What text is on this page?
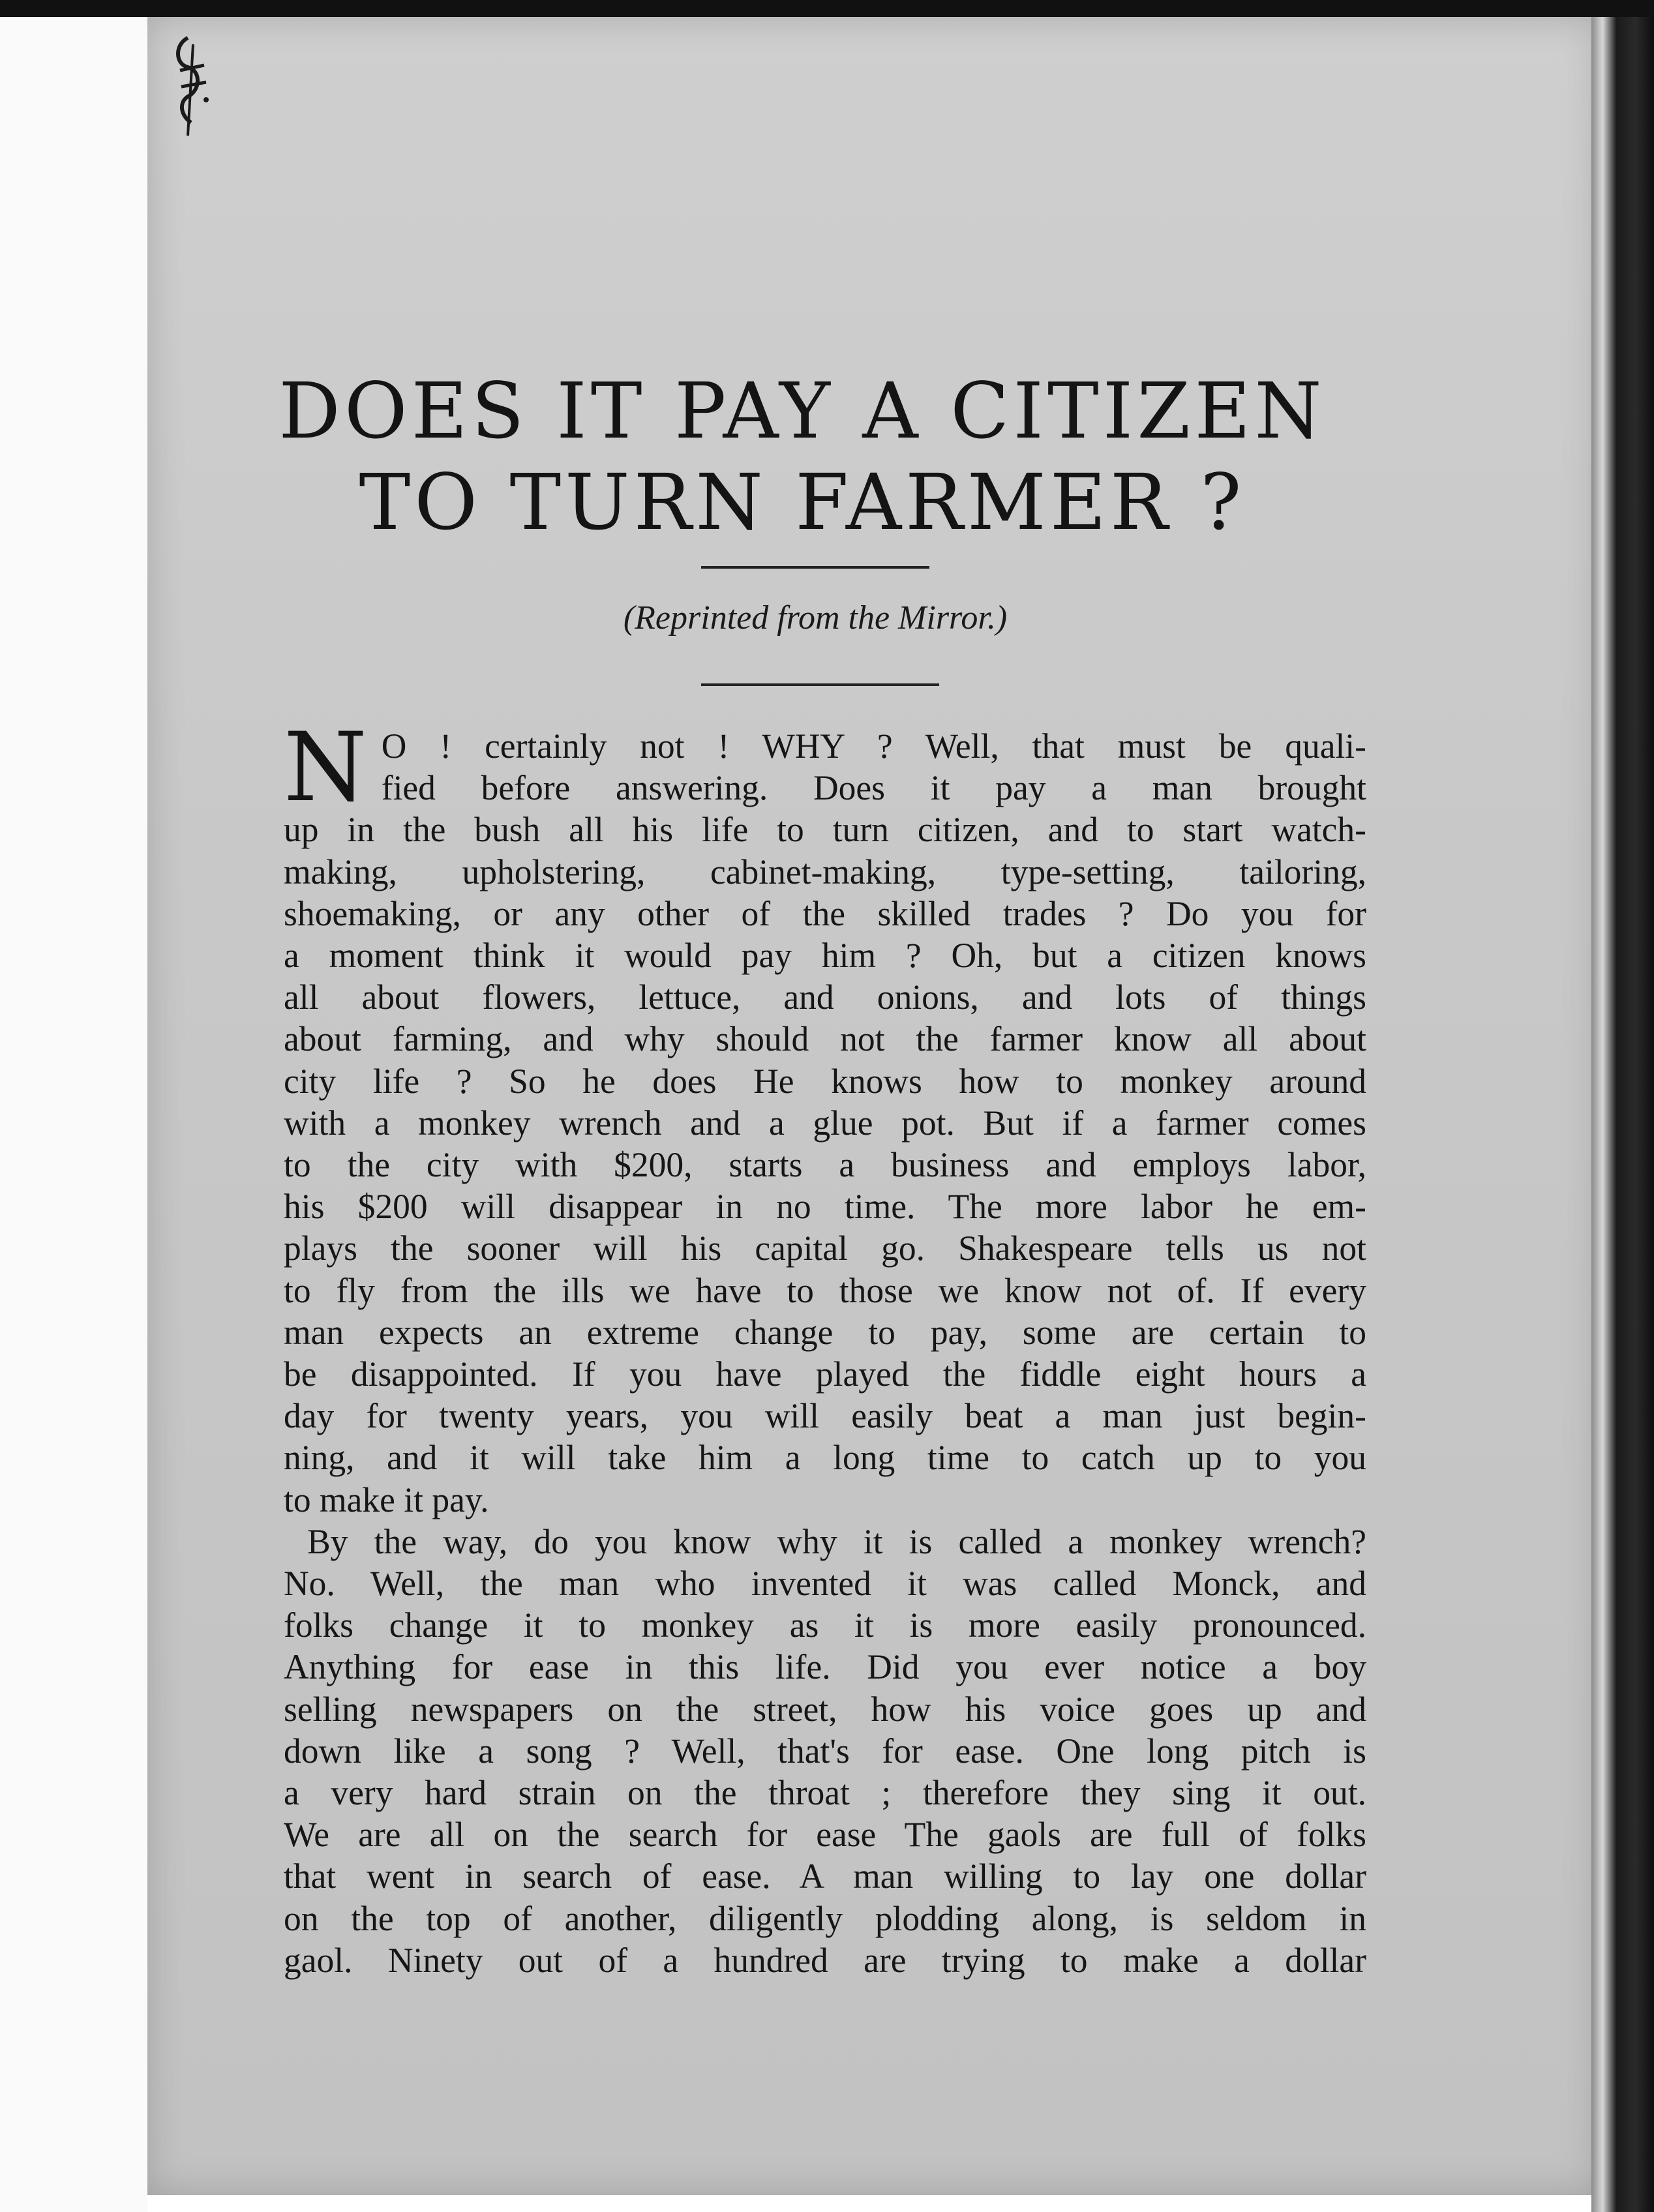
DOES IT PAY A CITIZEN
TO TURN FARMER ?
(Reprinted from the Mirror.)
N O ! certainly not ! WHY ? Well, that must be quali-
fied before answering. Does it pay a man brought
up in the bush all his life to turn citizen, and to start watch-
making, upholstering, cabinet-making, type-setting, tailoring,
shoemaking, or any other of the skilled trades ? Do you for
a moment think it would pay him ? Oh, but a citizen knows
all about flowers, lettuce, and onions, and lots of things
about farming, and why should not the farmer know all about
city life ? So he does He knows how to monkey around
with a monkey wrench and a glue pot. But if a farmer comes
to the city with $200, starts a business and employs labor,
his $200 will disappear in no time. The more labor he em-
plays the sooner will his capital go. Shakespeare tells us not
to fly from the ills we have to those we know not of. If every
man expects an extreme change to pay, some are certain to
be disappointed. If you have played the fiddle eight hours a
day for twenty years, you will easily beat a man just begin-
ning, and it will take him a long time to catch up to you
to make it pay.
By the way, do you know why it is called a monkey wrench?
No. Well, the man who invented it was called Monck, and
folks change it to monkey as it is more easily pronounced.
Anything for ease in this life. Did you ever notice a boy
selling newspapers on the street, how his voice goes up and
down like a song ? Well, that's for ease. One long pitch is
a very hard strain on the throat ; therefore they sing it out.
We are all on the search for ease The gaols are full of folks
that went in search of ease. A man willing to lay one dollar
on the top of another, diligently plodding along, is seldom in
gaol. Ninety out of a hundred are trying to make a dollar
